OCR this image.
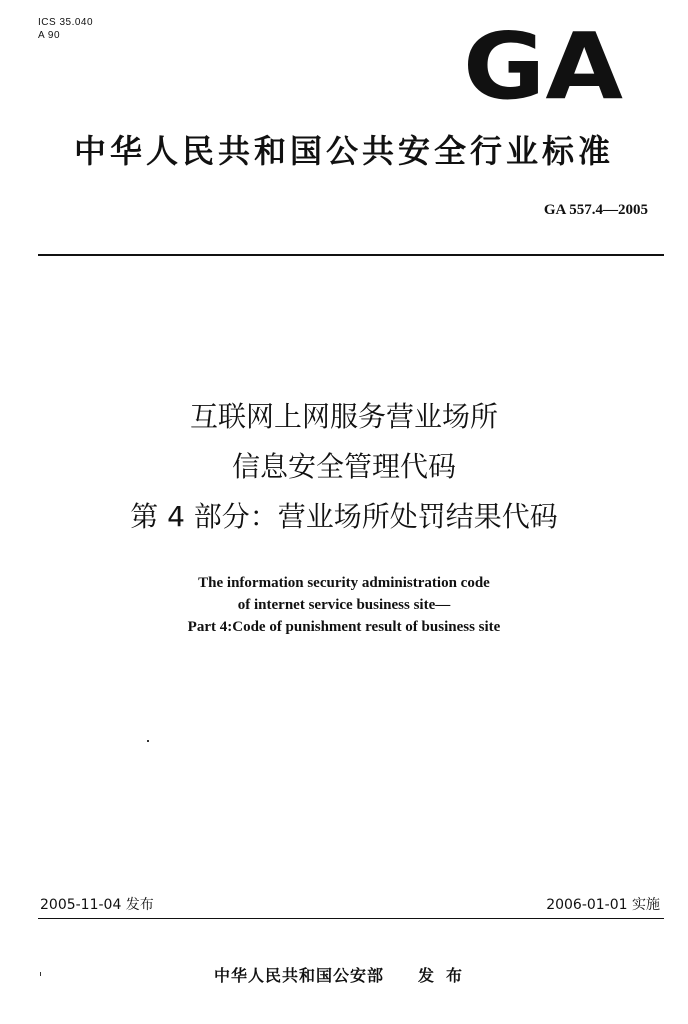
ICS 35.040
A 90	GA
中华人民共和国公共安全行业标准
GA 557.4—2005
互联网上网服务营业场所
信息安全管理代码
第 4 部分：营业场所处罚结果代码
The information security administration code
of internet service business site—
Part 4:Code of punishment result of business site
2005-11-04 发布	2006-01-01 实施
中华人民共和国公安部 发布
